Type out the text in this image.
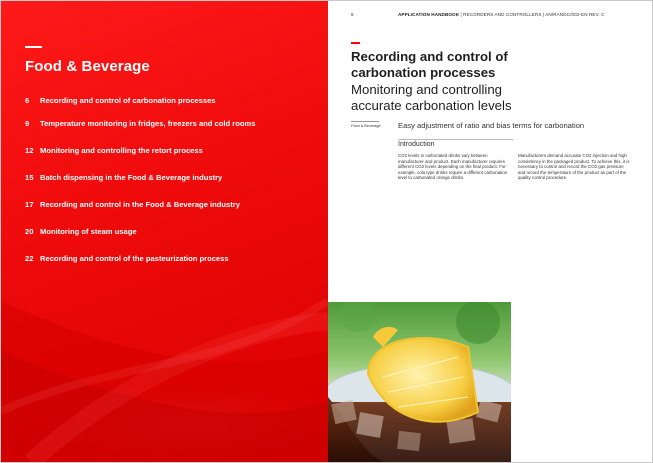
Food & Beverage
6 Recording and control of carbonation processes
9 Temperature monitoring in fridges, freezers and cold rooms
12 Monitoring and controlling the retort process
15 Batch dispensing in the Food & Beverage industry
17 Recording and control in the Food & Beverage industry
20 Monitoring of steam usage
22 Recording and control of the pasteurization process
6	APPLICATION HANDBOOK | RECORDERS AND CONTROLLERS | AN/RANDC/002-EN REV. C
Recording and control of carbonation processes
Monitoring and controlling accurate carbonation levels
Food & Beverage Easy adjustment of ratio and bias terms for carbonation
Introduction
CO2 levels in carbonated drinks vary between manufacturer and product. Each manufacturer requires different CO2 levels depending on the final product. For example, cola type drinks require a different carbonation level to carbonated orange drinks.
Manufacturers demand accurate CO2 injection and high consistency in the packaged product. To achieve this, it is necessary to control and record the CO2 gas pressure and record the temperature of the product as part of the quality control procedure.
